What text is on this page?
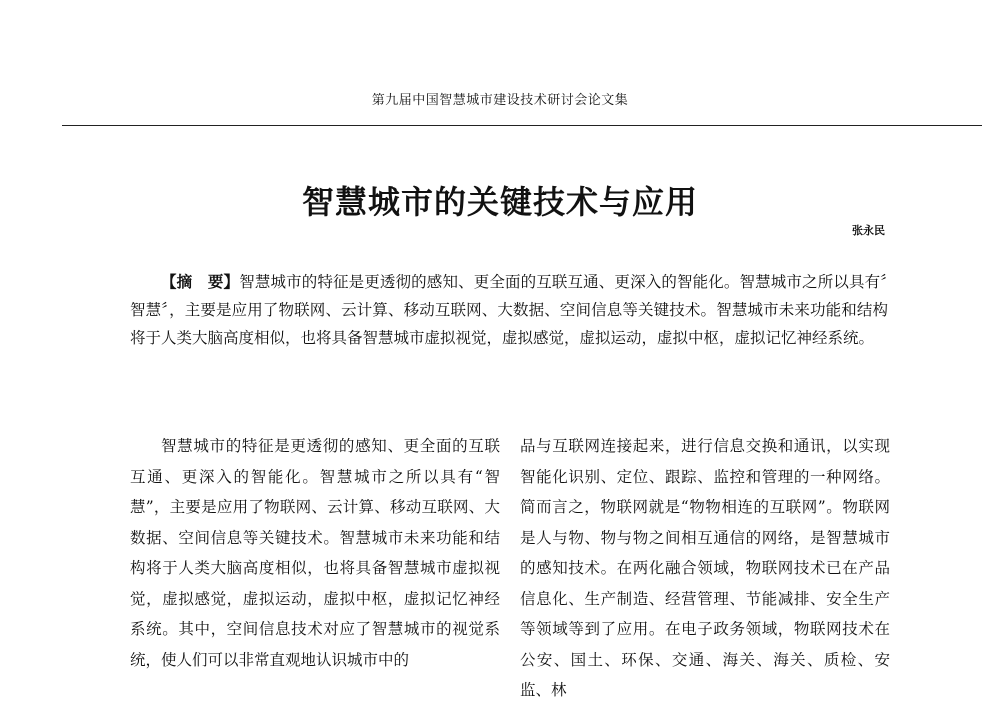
第九届中国智慧城市建设技术研讨会论文集
智慧城市的关键技术与应用
张永民
【摘　要】智慧城市的特征是更透彻的感知、更全面的互联互通、更深入的智能化。智慧城市之所以具有〞智慧〞，主要是应用了物联网、云计算、移动互联网、大数据、空间信息等关键技术。智慧城市未来功能和结构将于人类大脑高度相似，也将具备智慧城市虚拟视觉，虚拟感觉，虚拟运动，虚拟中枢，虚拟记忆神经系统。
智慧城市的特征是更透彻的感知、更全面的互联互通、更深入的智能化。智慧城市之所以具有“智慧”，主要是应用了物联网、云计算、移动互联网、大数据、空间信息等关键技术。智慧城市未来功能和结构将于人类大脑高度相似，也将具备智慧城市虚拟视觉，虚拟感觉，虚拟运动，虚拟中枢，虚拟记忆神经系统。其中，空间信息技术对应了智慧城市的视觉系统，使人们可以非常直观地认识城市中的
品与互联网连接起来，进行信息交换和通讯，以实现智能化识别、定位、跟踪、监控和管理的一种网络。简而言之，物联网就是“物物相连的互联网”。物联网是人与物、物与物之间相互通信的网络，是智慧城市的感知技术。在两化融合领域，物联网技术已在产品信息化、生产制造、经营管理、节能减排、安全生产等领域等到了应用。在电子政务领域，物联网技术在公安、国土、环保、交通、海关、海关、质检、安监、林
